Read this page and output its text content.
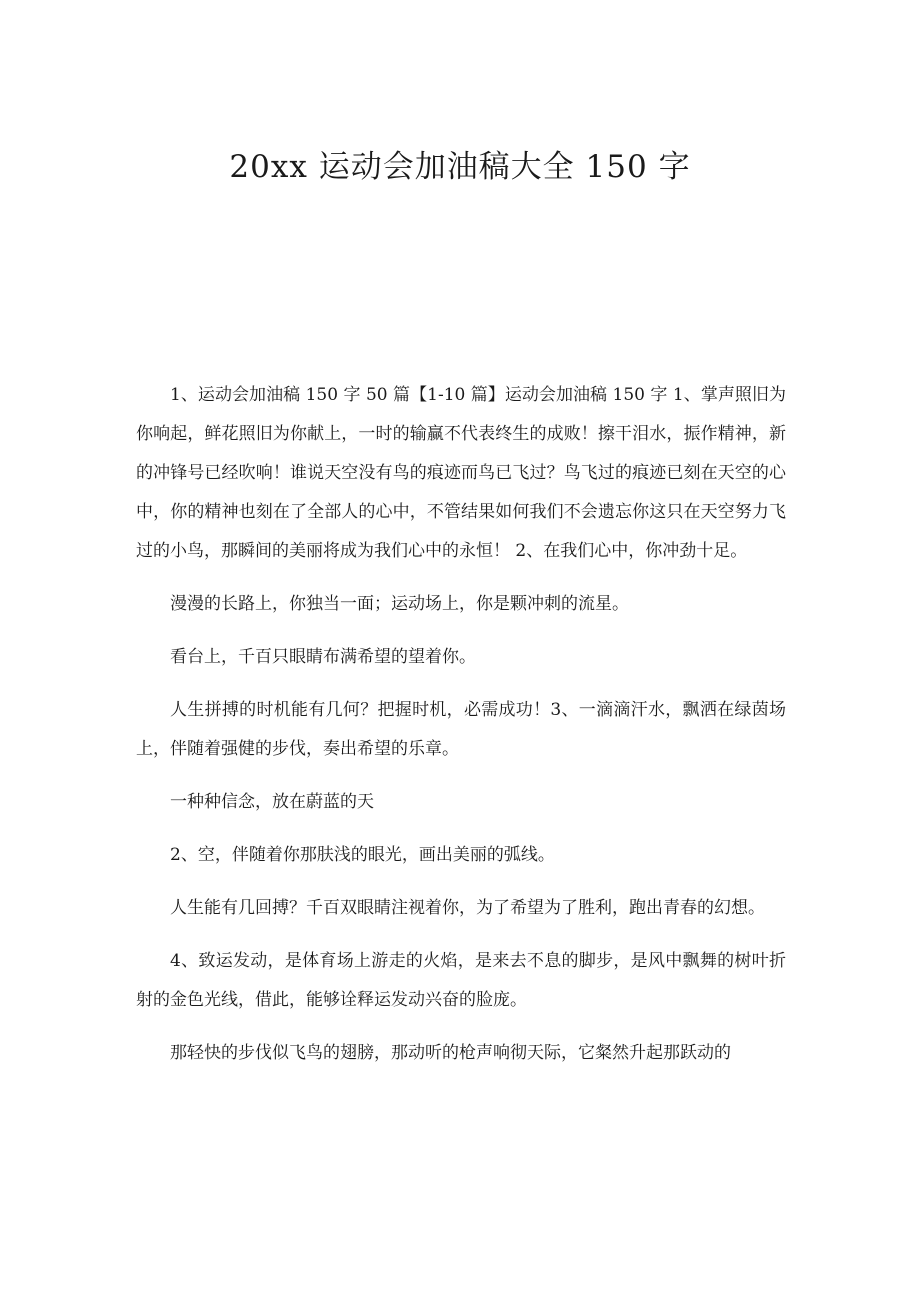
20xx 运动会加油稿大全 150 字

1、运动会加油稿 150 字 50 篇【1-10 篇】运动会加油稿 150 字 1、掌声照旧为你响起，鲜花照旧为你献上，一时的输赢不代表终生的成败！擦干泪水，振作精神，新的冲锋号已经吹响！谁说天空没有鸟的痕迹而鸟已飞过？鸟飞过的痕迹已刻在天空的心中，你的精神也刻在了全部人的心中，不管结果如何我们不会遗忘你这只在天空努力飞过的小鸟，那瞬间的美丽将成为我们心中的永恒！ 2、在我们心中，你冲劲十足。

漫漫的长路上，你独当一面；运动场上，你是颗冲刺的流星。

看台上，千百只眼睛布满希望的望着你。

人生拼搏的时机能有几何？把握时机，必需成功！3、一滴滴汗水，飘洒在绿茵场上，伴随着强健的步伐，奏出希望的乐章。

一种种信念，放在蔚蓝的天

2、空，伴随着你那肤浅的眼光，画出美丽的弧线。

人生能有几回搏？千百双眼睛注视着你，为了希望为了胜利，跑出青春的幻想。

4、致运发动，是体育场上游走的火焰，是来去不息的脚步，是风中飘舞的树叶折射的金色光线，借此，能够诠释运发动兴奋的脸庞。

那轻快的步伐似飞鸟的翅膀，那动听的枪声响彻天际，它粲然升起那跃动的
